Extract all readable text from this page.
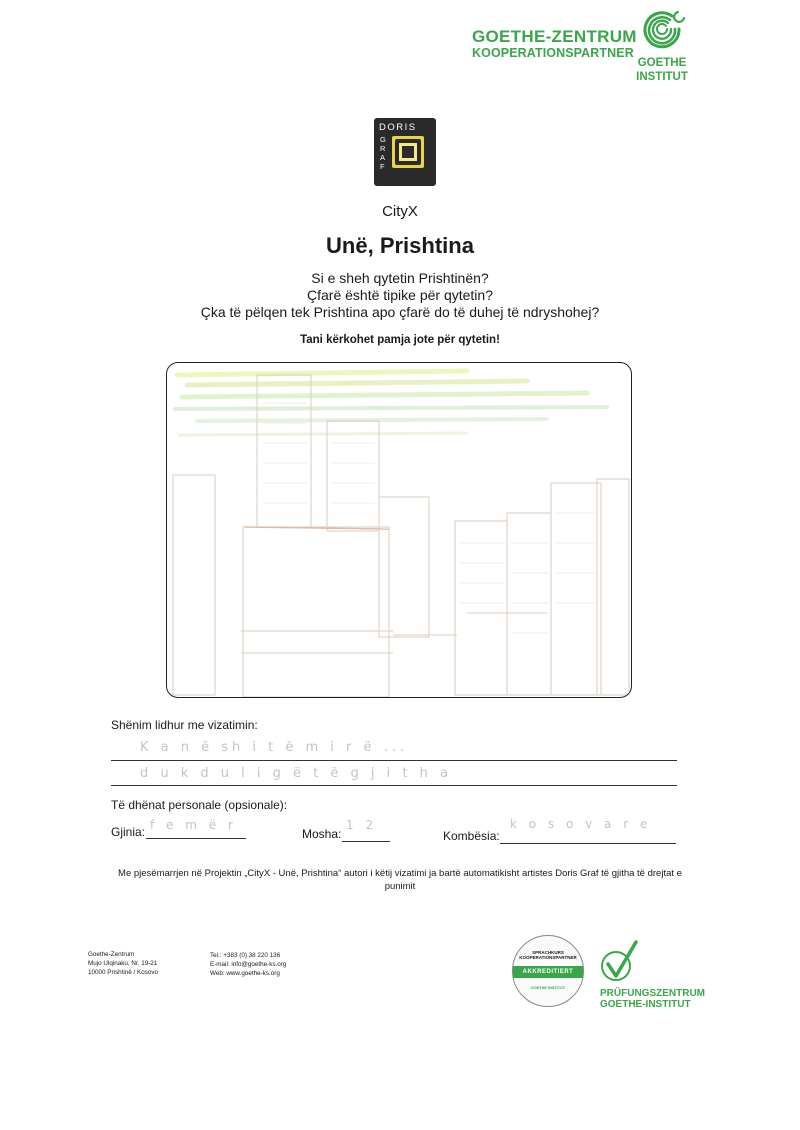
GOETHE-ZENTRUM
KOOPERATIONSPARTNER
GOETHE
INSTITUT
DORIS
G
R
A
F
CityX
Unë, Prishtina
Si e sheh qytetin Prishtinën?
Çfarë është tipike për qytetin?
Çka të pëlqen tek Prishtina apo çfarë do të duhej të ndryshohej?
Tani kërkohet pamja jote për qytetin!
Shënim lidhur me vizatimin:
K a n ë sh i t ë m i r ë ...
d u k d u l i g ë t ë g j i t h a
Të dhënat personale (opsionale):
Gjinia: f e m ë r
Mosha:
1 2
Kombësia:
k o s o v a r e
Me pjesëmarrjen në Projektin „CityX - Unë, Prishtina“ autori i këtij vizatimi ja bartë automatikisht artistes Doris Graf të gjitha të drejtat e punimit
Goethe-Zentrum
Mujo Ulqinaku, Nr. 19-21
10000 Prishtinë / Kosovo
Tel.: +383 (0) 38 220 136
E-mail: info@goethe-ks.org
Web: www.goethe-ks.org
SPRACHKURS KOOPERATIONSPARTNER
AKKREDITIERT
GOETHE INSTITUT	PRÜFUNGSZENTRUM
GOETHE-INSTITUT
